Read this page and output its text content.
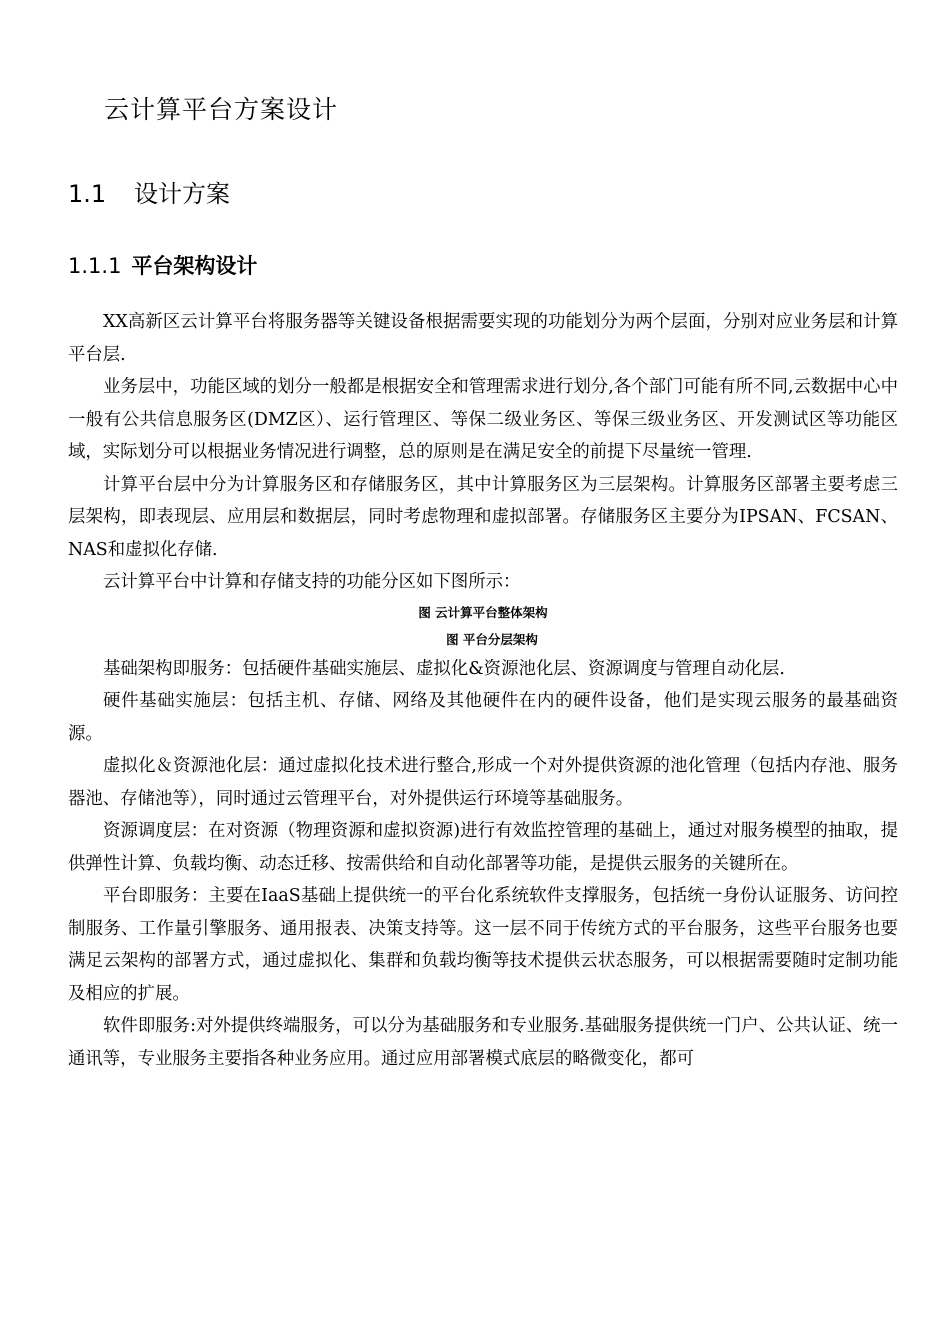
云计算平台方案设计
1.1 设计方案
1.1.1 平台架构设计

XX高新区云计算平台将服务器等关键设备根据需要实现的功能划分为两个层面，分别对应业务层和计算平台层.

业务层中，功能区域的划分一般都是根据安全和管理需求进行划分,各个部门可能有所不同,云数据中心中一般有公共信息服务区(DMZ区）、运行管理区、等保二级业务区、等保三级业务区、开发测试区等功能区域，实际划分可以根据业务情况进行调整，总的原则是在满足安全的前提下尽量统一管理.

计算平台层中分为计算服务区和存储服务区，其中计算服务区为三层架构。计算服务区部署主要考虑三层架构，即表现层、应用层和数据层，同时考虑物理和虚拟部署。存储服务区主要分为IPSAN、FCSAN、NAS和虚拟化存储.

云计算平台中计算和存储支持的功能分区如下图所示：

图 云计算平台整体架构

图 平台分层架构

基础架构即服务：包括硬件基础实施层、虚拟化&资源池化层、资源调度与管理自动化层.

硬件基础实施层：包括主机、存储、网络及其他硬件在内的硬件设备，他们是实现云服务的最基础资源。

虚拟化＆资源池化层：通过虚拟化技术进行整合,形成一个对外提供资源的池化管理（包括内存池、服务器池、存储池等），同时通过云管理平台，对外提供运行环境等基础服务。

资源调度层：在对资源（物理资源和虚拟资源)进行有效监控管理的基础上，通过对服务模型的抽取，提供弹性计算、负载均衡、动态迁移、按需供给和自动化部署等功能，是提供云服务的关键所在。

平台即服务：主要在IaaS基础上提供统一的平台化系统软件支撑服务，包括统一身份认证服务、访问控制服务、工作量引擎服务、通用报表、决策支持等。这一层不同于传统方式的平台服务，这些平台服务也要满足云架构的部署方式，通过虚拟化、集群和负载均衡等技术提供云状态服务，可以根据需要随时定制功能及相应的扩展。

软件即服务:对外提供终端服务，可以分为基础服务和专业服务.基础服务提供统一门户、公共认证、统一通讯等，专业服务主要指各种业务应用。通过应用部署模式底层的略微变化，都可
